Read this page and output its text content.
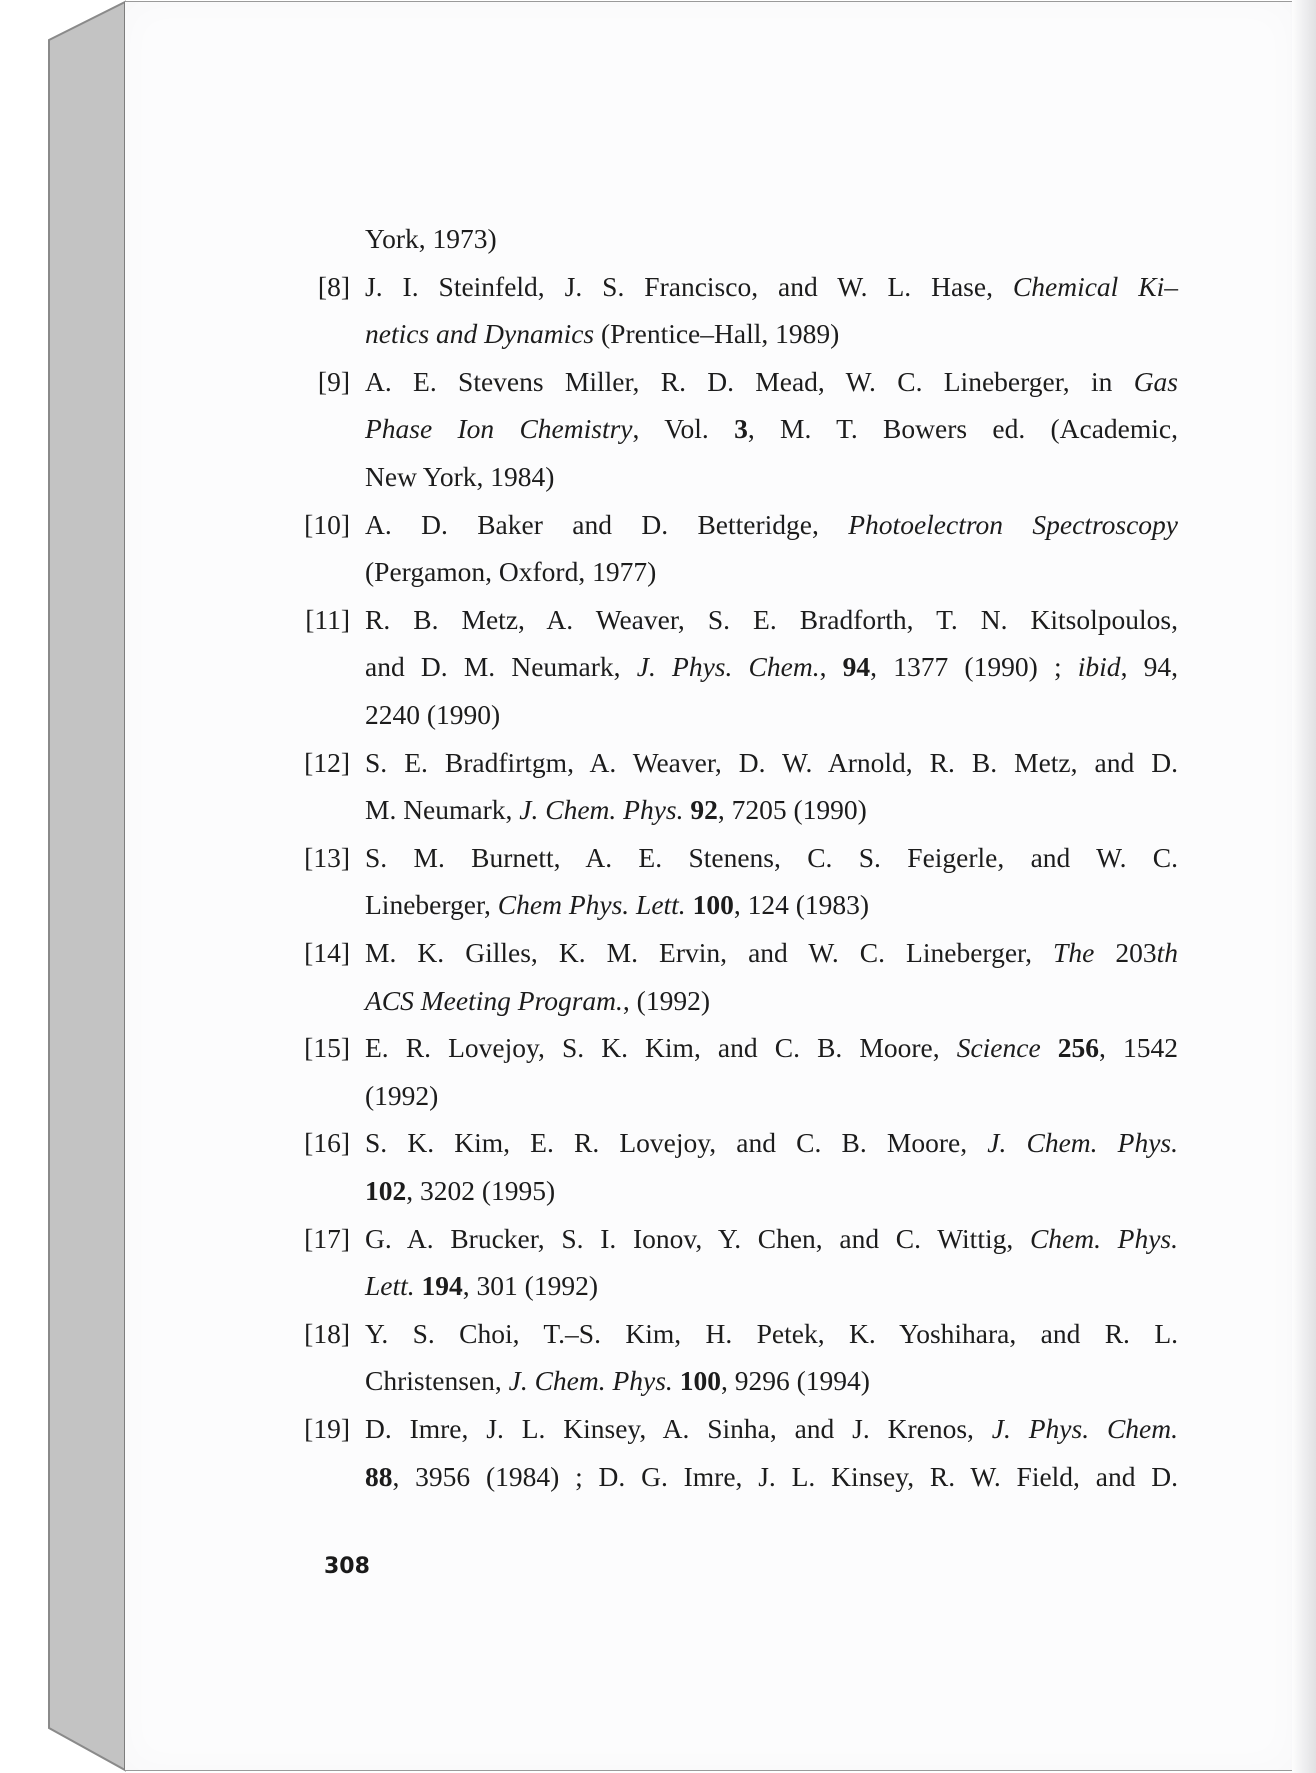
York, 1973)
[8] J. I. Steinfeld, J. S. Francisco, and W. L. Hase, Chemical Ki–
netics and Dynamics (Prentice–Hall, 1989)
[9] A. E. Stevens Miller, R. D. Mead, W. C. Lineberger, in Gas
Phase Ion Chemistry, Vol. 3, M. T. Bowers ed. (Academic,
New York, 1984)
[10] A. D. Baker and D. Betteridge, Photoelectron Spectroscopy
(Pergamon, Oxford, 1977)
[11] R. B. Metz, A. Weaver, S. E. Bradforth, T. N. Kitsolpoulos,
and D. M. Neumark, J. Phys. Chem., 94, 1377 (1990) ; ibid, 94,
2240 (1990)
[12] S. E. Bradfirtgm, A. Weaver, D. W. Arnold, R. B. Metz, and D.
M. Neumark, J. Chem. Phys. 92, 7205 (1990)
[13] S. M. Burnett, A. E. Stenens, C. S. Feigerle, and W. C.
Lineberger, Chem Phys. Lett. 100, 124 (1983)
[14] M. K. Gilles, K. M. Ervin, and W. C. Lineberger, The 203th
ACS Meeting Program., (1992)
[15] E. R. Lovejoy, S. K. Kim, and C. B. Moore, Science 256, 1542
(1992)
[16] S. K. Kim, E. R. Lovejoy, and C. B. Moore, J. Chem. Phys.
102, 3202 (1995)
[17] G. A. Brucker, S. I. Ionov, Y. Chen, and C. Wittig, Chem. Phys.
Lett. 194, 301 (1992)
[18] Y. S. Choi, T.–S. Kim, H. Petek, K. Yoshihara, and R. L.
Christensen, J. Chem. Phys. 100, 9296 (1994)
[19] D. Imre, J. L. Kinsey, A. Sinha, and J. Krenos, J. Phys. Chem.
88, 3956 (1984) ; D. G. Imre, J. L. Kinsey, R. W. Field, and D.
308
